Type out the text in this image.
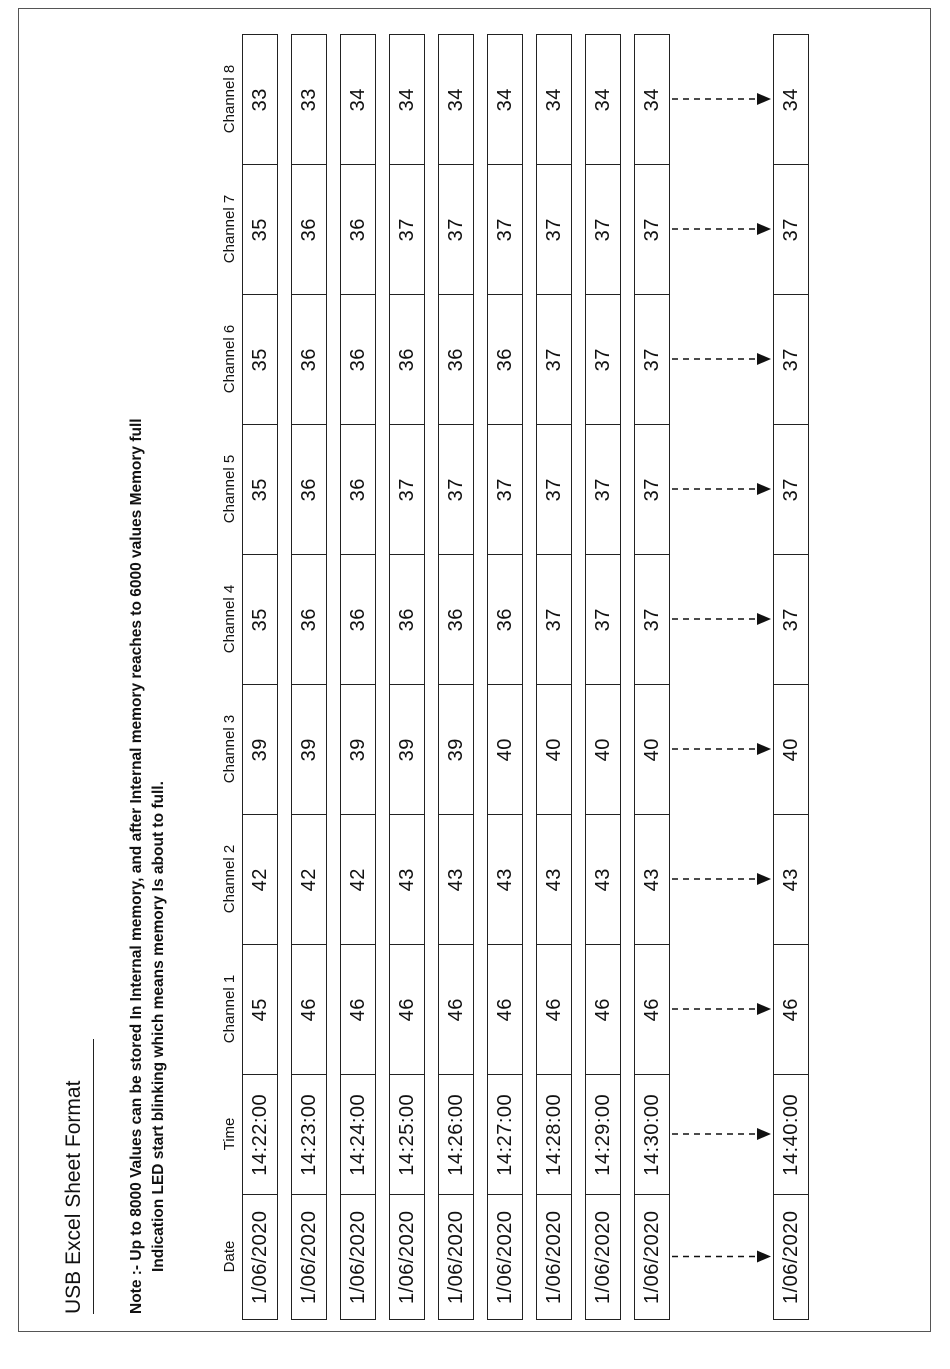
USB Excel Sheet Format	Note :- Up to 8000 Values can be stored In Internal memory, and after Internal memory reaches to 6000 values Memory full Indication LED start blinking which means memory Is about to full.	Date
Time
Channel 1
Channel 2
Channel 3
Channel 4
Channel 5
Channel 6
Channel 7
Channel 8
1/06/2020
14:22:00
45
42
39
35
35
35
35
33
1/06/2020
14:23:00
46
42
39
36
36
36
36
33
1/06/2020
14:24:00
46
42
39
36
36
36
36
34
1/06/2020
14:25:00
46
43
39
36
37
36
37
34
1/06/2020
14:26:00
46
43
39
36
37
36
37
34
1/06/2020
14:27:00
46
43
40
36
37
36
37
34
1/06/2020
14:28:00
46
43
40
37
37
37
37
34
1/06/2020
14:29:00
46
43
40
37
37
37
37
34
1/06/2020
14:30:00
46
43
40
37
37
37
37
34
1/06/2020
14:40:00
46
43
40
37
37
37
37
34
